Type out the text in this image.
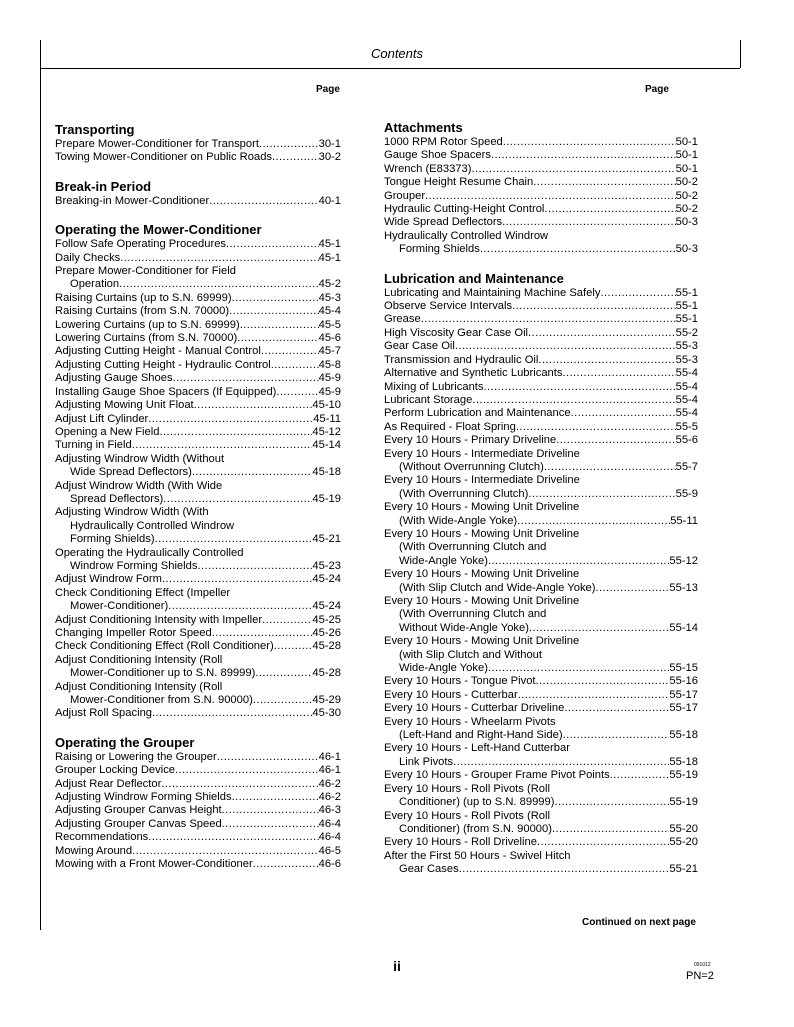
Contents
Page	Page
Transporting
Prepare Mower-Conditioner for Transport .....	30-1
Towing Mower-Conditioner on Public Roads .....	30-2
Break-in Period
Breaking-in Mower-Conditioner .....	40-1
Operating the Mower-Conditioner
Follow Safe Operating Procedures .....	45-1
Daily Checks .....	45-1
Prepare Mower-Conditioner for Field
Operation .....	45-2
Raising Curtains (up to S.N. 69999) .....	45-3
Raising Curtains (from S.N. 70000) .....	45-4
Lowering Curtains (up to S.N. 69999) .....	45-5
Lowering Curtains (from S.N. 70000) .....	45-6
Adjusting Cutting Height - Manual Control .....	45-7
Adjusting Cutting Height - Hydraulic Control .....	45-8
Adjusting Gauge Shoes .....	45-9
Installing Gauge Shoe Spacers (If Equipped) .....	45-9
Adjusting Mowing Unit Float .....	45-10
Adjust Lift Cylinder .....	45-11
Opening a New Field .....	45-12
Turning in Field .....	45-14
Adjusting Windrow Width (Without
Wide Spread Deflectors) .....	45-18
Adjust Windrow Width (With Wide
Spread Deflectors) .....	45-19
Adjusting Windrow Width (With
Hydraulically Controlled Windrow
Forming Shields) .....	45-21
Operating the Hydraulically Controlled
Windrow Forming Shields .....	45-23
Adjust Windrow Form .....	45-24
Check Conditioning Effect (Impeller
Mower-Conditioner) .....	45-24
Adjust Conditioning Intensity with Impeller .....	45-25
Changing Impeller Rotor Speed .....	45-26
Check Conditioning Effect (Roll Conditioner) .....	45-28
Adjust Conditioning Intensity (Roll
Mower-Conditioner up to S.N. 89999) .....	45-28
Adjust Conditioning Intensity (Roll
Mower-Conditioner from S.N. 90000) .....	45-29
Adjust Roll Spacing .....	45-30
Operating the Grouper
Raising or Lowering the Grouper .....	46-1
Grouper Locking Device .....	46-1
Adjust Rear Deflector .....	46-2
Adjusting Windrow Forming Shields .....	46-2
Adjusting Grouper Canvas Height .....	46-3
Adjusting Grouper Canvas Speed .....	46-4
Recommendations .....	46-4
Mowing Around .....	46-5
Mowing with a Front Mower-Conditioner .....	46-6
Attachments
1000 RPM Rotor Speed .....	50-1
Gauge Shoe Spacers .....	50-1
Wrench (E83373) .....	50-1
Tongue Height Resume Chain .....	50-2
Grouper .....	50-2
Hydraulic Cutting-Height Control .....	50-2
Wide Spread Deflectors .....	50-3
Hydraulically Controlled Windrow
Forming Shields .....	50-3
Lubrication and Maintenance
Lubricating and Maintaining Machine Safely .....	55-1
Observe Service Intervals .....	55-1
Grease .....	55-1
High Viscosity Gear Case Oil .....	55-2
Gear Case Oil .....	55-3
Transmission and Hydraulic Oil .....	55-3
Alternative and Synthetic Lubricants .....	55-4
Mixing of Lubricants .....	55-4
Lubricant Storage .....	55-4
Perform Lubrication and Maintenance .....	55-4
As Required - Float Spring .....	55-5
Every 10 Hours - Primary Driveline .....	55-6
Every 10 Hours - Intermediate Driveline
(Without Overrunning Clutch) .....	55-7
Every 10 Hours - Intermediate Driveline
(With Overrunning Clutch) .....	55-9
Every 10 Hours - Mowing Unit Driveline
(With Wide-Angle Yoke) .....	55-11
Every 10 Hours - Mowing Unit Driveline
(With Overrunning Clutch and
Wide-Angle Yoke) .....	55-12
Every 10 Hours - Mowing Unit Driveline
(With Slip Clutch and Wide-Angle Yoke) .....	55-13
Every 10 Hours - Mowing Unit Driveline
(With Overrunning Clutch and
Without Wide-Angle Yoke) .....	55-14
Every 10 Hours - Mowing Unit Driveline
(with Slip Clutch and Without
Wide-Angle Yoke) .....	55-15
Every 10 Hours - Tongue Pivot .....	55-16
Every 10 Hours - Cutterbar .....	55-17
Every 10 Hours - Cutterbar Driveline .....	55-17
Every 10 Hours - Wheelarm Pivots
(Left-Hand and Right-Hand Side) .....	55-18
Every 10 Hours - Left-Hand Cutterbar
Link Pivots .....	55-18
Every 10 Hours - Grouper Frame Pivot Points .....	55-19
Every 10 Hours - Roll Pivots (Roll
Conditioner) (up to S.N. 89999) .....	55-19
Every 10 Hours - Roll Pivots (Roll
Conditioner) (from S.N. 90000) .....	55-20
Every 10 Hours - Roll Driveline .....	55-20
After the First 50 Hours - Swivel Hitch
Gear Cases .....	55-21
Continued on next page
ii	091012
PN=2
